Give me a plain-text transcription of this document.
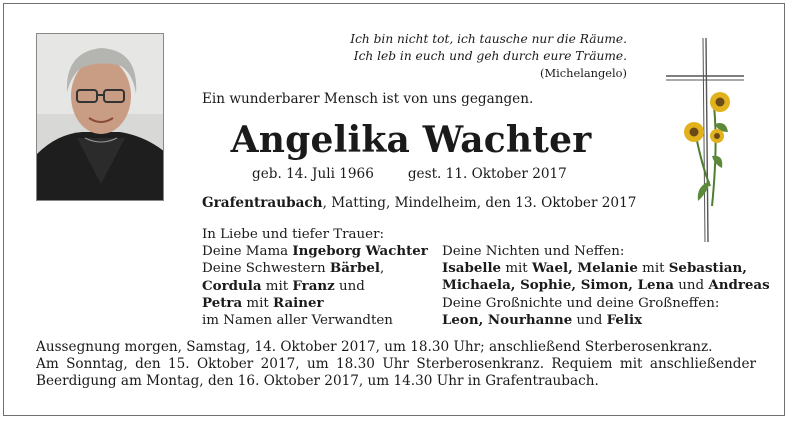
Ich bin nicht tot, ich tausche nur die Räume.
Ich leb in euch und geh durch eure Träume.
(Michelangelo)
Ein wunderbarer Mensch ist von uns gegangen.
Angelika Wachter
geb. 14. Juli 1966	gest. 11. Oktober 2017
Grafentraubach, Matting, Mindelheim, den 13. Oktober 2017
In Liebe und tiefer Trauer:
Deine Mama Ingeborg Wachter
Deine Schwestern Bärbel,
Cordula mit Franz und
Petra mit Rainer
im Namen aller Verwandten
Deine Nichten und Neffen:
Isabelle mit Wael, Melanie mit Sebastian,
Michaela, Sophie, Simon, Lena und Andreas
Deine Großnichte und deine Großneffen:
Leon, Nourhanne und Felix
Aussegnung morgen, Samstag, 14. Oktober 2017, um 18.30 Uhr; anschließend Sterberosenkranz.
Am Sonntag, den 15. Oktober 2017, um 18.30 Uhr Sterberosenkranz. Requiem mit anschließender
Beerdigung am Montag, den 16. Oktober 2017, um 14.30 Uhr in Grafentraubach.
